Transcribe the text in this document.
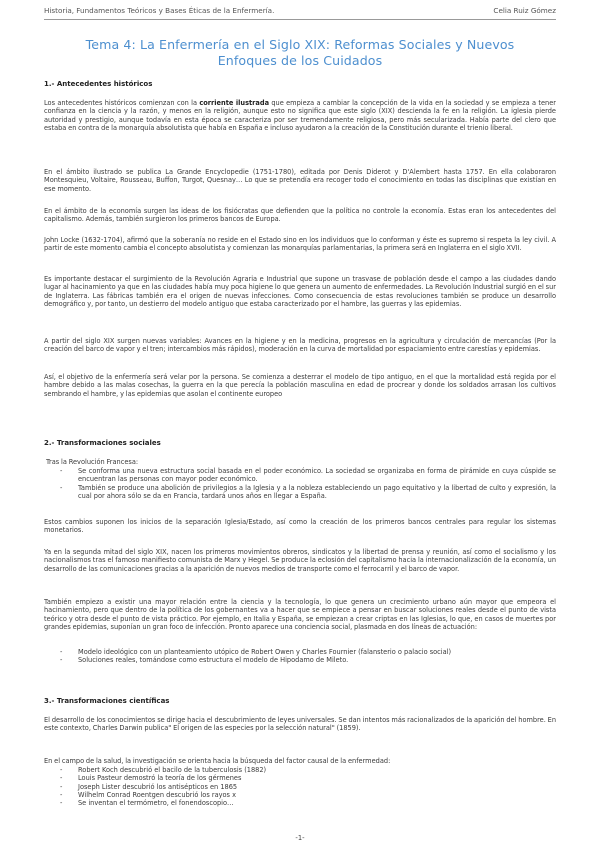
Historia, Fundamentos Teóricos y Bases Éticas de la Enfermería.	Celia Ruiz Gómez
Tema 4: La Enfermería en el Siglo XIX: Reformas Sociales y Nuevos
Enfoques de los Cuidados
1.- Antecedentes históricos
Los antecedentes históricos comienzan con la corriente ilustrada que empieza a cambiar la concepción de la vida en la sociedad y se empieza a tener confianza en la ciencia y la razón, y menos en la religión, aunque esto no significa que este siglo (XIX) descienda la fe en la religión. La iglesia pierde autoridad y prestigio, aunque todavía en esta época se caracteriza por ser tremendamente religiosa, pero más secularizada. Había parte del clero que estaba en contra de la monarquía absolutista que había en España e incluso ayudaron a la creación de la Constitución durante el trienio liberal.
En el ámbito ilustrado se publica La Grande Encyclopedie (1751-1780), editada por Denis Diderot y D'Alembert hasta 1757. En ella colaboraron Montesquieu, Voltaire, Rousseau, Buffon, Turgot, Quesnay… Lo que se pretendía era recoger todo el conocimiento en todas las disciplinas que existían en ese momento.
En el ámbito de la economía surgen las ideas de los fisiócratas que defienden que la política no controle la economía. Estas eran los antecedentes del capitalismo. Además, también surgieron los primeros bancos de Europa.
John Locke (1632-1704), afirmó que la soberanía no reside en el Estado sino en los individuos que lo conforman y éste es supremo si respeta la ley civil. A partir de este momento cambia el concepto absolutista y comienzan las monarquías parlamentarias, la primera será en Inglaterra en el siglo XVII.
Es importante destacar el surgimiento de la Revolución Agraria e Industrial que supone un trasvase de población desde el campo a las ciudades dando lugar al hacinamiento ya que en las ciudades había muy poca higiene lo que genera un aumento de enfermedades. La Revolución Industrial surgió en el sur de Inglaterra. Las fábricas también era el origen de nuevas infecciones. Como consecuencia de estas revoluciones también se produce un desarrollo demográfico y, por tanto, un destierro del modelo antiguo que estaba caracterizado por el hambre, las guerras y las epidemias.
A partir del siglo XIX surgen nuevas variables: Avances en la higiene y en la medicina, progresos en la agricultura y circulación de mercancías (Por la creación del barco de vapor y el tren; intercambios más rápidos), moderación en la curva de mortalidad por espaciamiento entre carestías y epidemias.
Así, el objetivo de la enfermería será velar por la persona. Se comienza a desterrar el modelo de tipo antiguo, en el que la mortalidad está regida por el hambre debido a las malas cosechas, la guerra en la que perecía la población masculina en edad de procrear y donde los soldados arrasan los cultivos sembrando el hambre, y las epidemias que asolan el continente europeo
2.- Transformaciones sociales
Tras la Revolución Francesa:
- Se conforma una nueva estructura social basada en el poder económico. La sociedad se organizaba en forma de pirámide en cuya cúspide se encuentran las personas con mayor poder económico.
- También se produce una abolición de privilegios a la Iglesia y a la nobleza estableciendo un pago equitativo y la libertad de culto y expresión, la cual por ahora sólo se da en Francia, tardará unos años en llegar a España.
Estos cambios suponen los inicios de la separación Iglesia/Estado, así como la creación de los primeros bancos centrales para regular los sistemas monetarios.
Ya en la segunda mitad del siglo XIX, nacen los primeros movimientos obreros, sindicatos y la libertad de prensa y reunión, así como el socialismo y los nacionalismos tras el famoso manifiesto comunista de Marx y Hegel. Se produce la eclosión del capitalismo hacia la internacionalización de la economía, un desarrollo de las comunicaciones gracias a la aparición de nuevos medios de transporte como el ferrocarril y el barco de vapor.
También empiezo a existir una mayor relación entre la ciencia y la tecnología, lo que genera un crecimiento urbano aún mayor que empeora el hacinamiento, pero que dentro de la política de los gobernantes va a hacer que se empiece a pensar en buscar soluciones reales desde el punto de vista teórico y otra desde el punto de vista práctico. Por ejemplo, en Italia y España, se empiezan a crear criptas en las Iglesias, lo que, en casos de muertes por grandes epidemias, suponían un gran foco de infección. Pronto aparece una conciencia social, plasmada en dos líneas de actuación:
- Modelo ideológico con un planteamiento utópico de Robert Owen y Charles Fournier (falansterio o palacio social)
- Soluciones reales, tomándose como estructura el modelo de Hipodamo de Mileto.
3.- Transformaciones científicas
El desarrollo de los conocimientos se dirige hacia el descubrimiento de leyes universales. Se dan intentos más racionalizados de la aparición del hombre. En este contexto, Charles Darwin publica" El origen de las especies por la selección natural" (1859).
En el campo de la salud, la investigación se orienta hacia la búsqueda del factor causal de la enfermedad:
- Robert Koch descubrió el bacilo de la tuberculosis (1882)
- Louis Pasteur demostró la teoría de los gérmenes
- Joseph Lister descubrió los antisépticos en 1865
- Wilhelm Conrad Roentgen descubrió los rayos x
- Se inventan el termómetro, el fonendoscopio…
-1-
